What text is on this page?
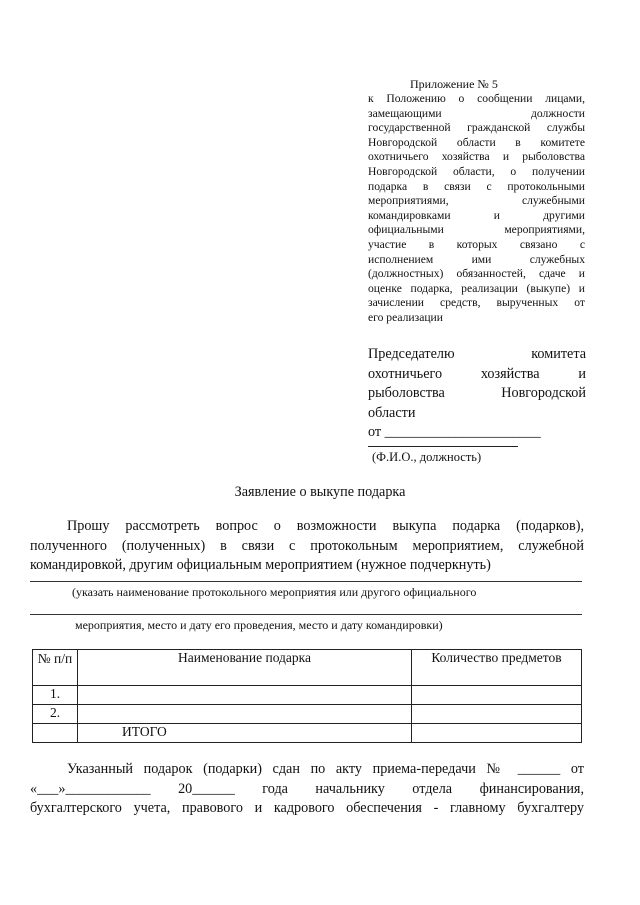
Приложение № 5
к Положению о сообщении лицами,
замещающими должности
государственной гражданской службы
Новгородской области в комитете
охотничьего хозяйства и рыболовства
Новгородской области, о получении
подарка в связи с протокольными
мероприятиями, служебными
командировками и другими
официальными мероприятиями,
участие в которых связано с
исполнением ими служебных
(должностных) обязанностей, сдаче и
оценке подарка, реализации (выкупе) и
зачислении средств, вырученных от
его реализации
Председателю комитета
охотничьего хозяйства и
рыболовства Новгородской
области
от ______________________
(Ф.И.О., должность)
Заявление о выкупе подарка
Прошу рассмотреть вопрос о возможности выкупа подарка (подарков),
полученного (полученных) в связи с протокольным мероприятием, служебной
командировкой, другим официальным мероприятием (нужное подчеркнуть)
(указать наименование протокольного мероприятия или другого официального
мероприятия, место и дату его проведения, место и дату командировки)
№ п/п	Наименование подарка	Количество предметов
1.		
2.		
	ИТОГО	
Указанный подарок (подарки) сдан по акту приема-передачи № ______ от
«___»____________ 20______ года начальнику отдела финансирования,
бухгалтерского учета, правового и кадрового обеспечения - главному бухгалтеру
